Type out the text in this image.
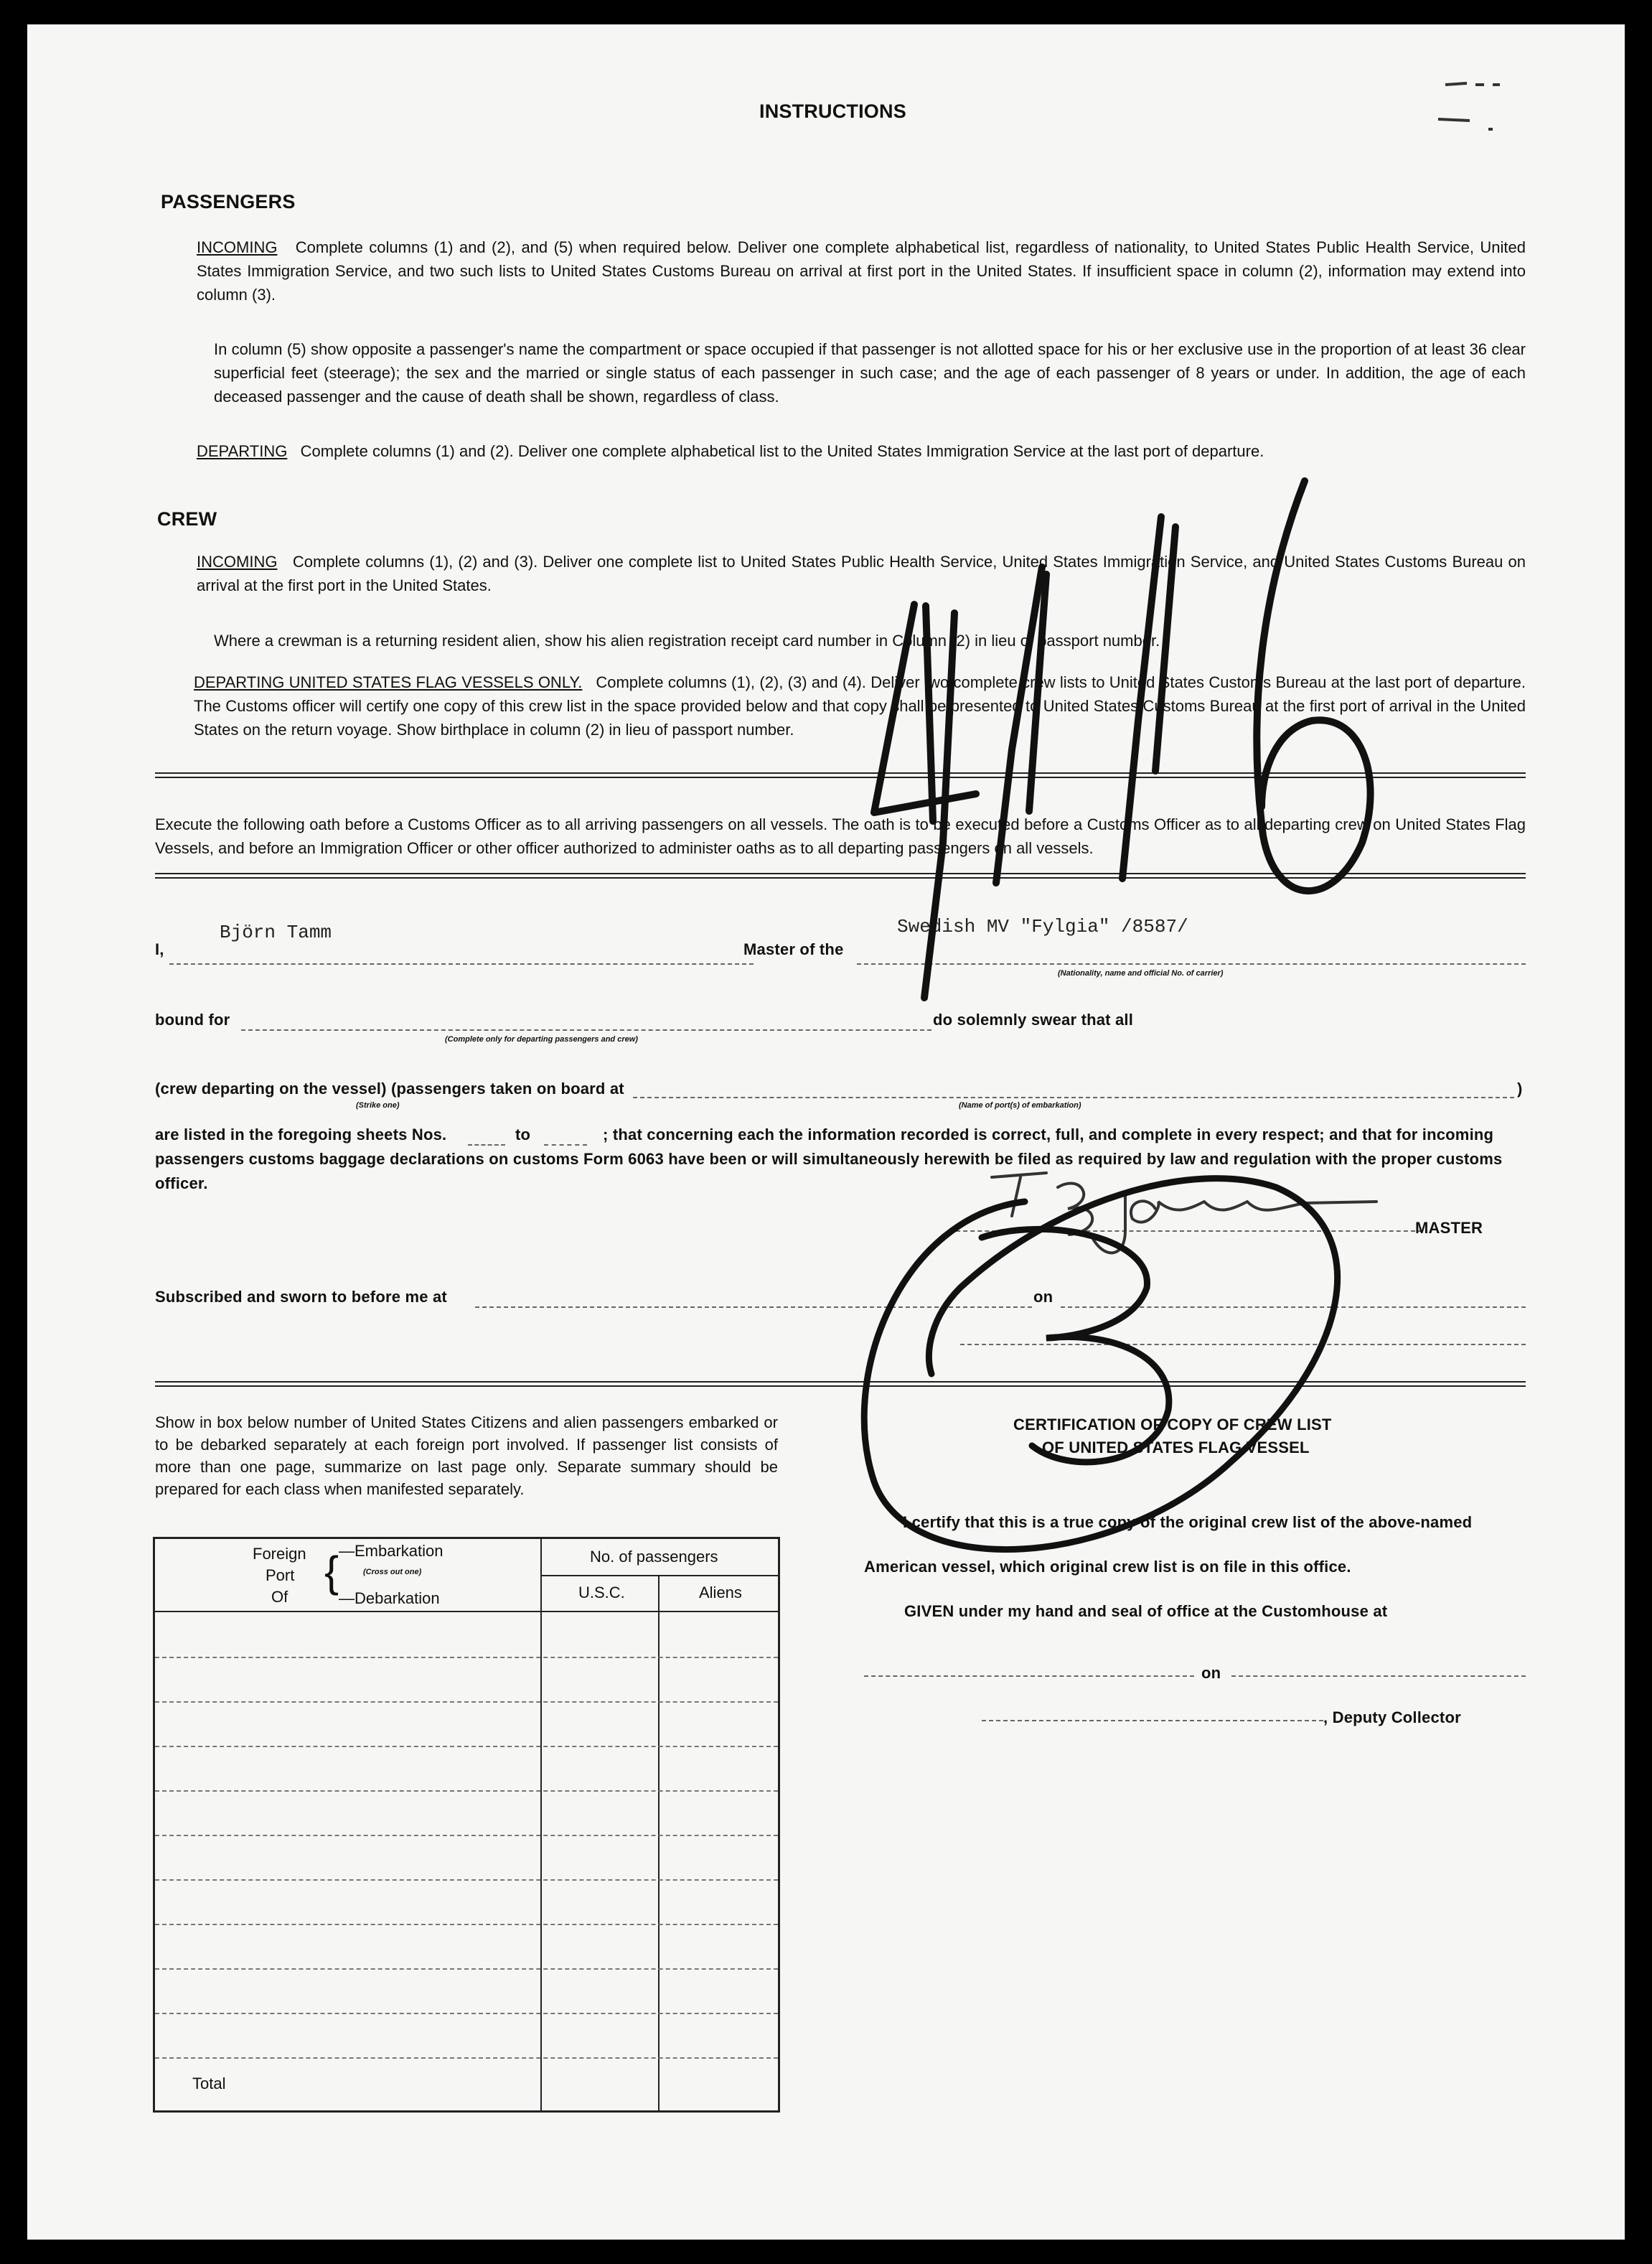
INSTRUCTIONS
PASSENGERS
INCOMING Complete columns (1) and (2), and (5) when required below. Deliver one complete alphabetical list, regardless of nationality, to United States Public Health Service, United States Immigration Service, and two such lists to United States Customs Bureau on arrival at first port in the United States. If insufficient space in column (2), information may extend into column (3).
In column (5) show opposite a passenger's name the compartment or space occupied if that passenger is not allotted space for his or her exclusive use in the proportion of at least 36 clear superficial feet (steerage); the sex and the married or single status of each passenger in such case; and the age of each passenger of 8 years or under. In addition, the age of each deceased passenger and the cause of death shall be shown, regardless of class.
DEPARTING Complete columns (1) and (2). Deliver one complete alphabetical list to the United States Immigration Service at the last port of departure.
CREW
INCOMING Complete columns (1), (2) and (3). Deliver one complete list to United States Public Health Service, United States Immigration Service, and United States Customs Bureau on arrival at the first port in the United States.
Where a crewman is a returning resident alien, show his alien registration receipt card number in Column (2) in lieu of passport number.
DEPARTING UNITED STATES FLAG VESSELS ONLY. Complete columns (1), (2), (3) and (4). Deliver two complete crew lists to United States Customs Bureau at the last port of departure. The Customs officer will certify one copy of this crew list in the space provided below and that copy shall be presented to United States Customs Bureau at the first port of arrival in the United States on the return voyage. Show birthplace in column (2) in lieu of passport number.
Execute the following oath before a Customs Officer as to all arriving passengers on all vessels. The oath is to be executed before a Customs Officer as to all departing crew on United States Flag Vessels, and before an Immigration Officer or other officer authorized to administer oaths as to all departing passengers on all vessels.
I,
Björn Tamm
Master of the
Swedish MV "Fylgia" /8587/
(Nationality, name and official No. of carrier)
bound for
(Complete only for departing passengers and crew)
do solemnly swear that all
(crew departing on the vessel) (passengers taken on board at	)
(Strike one)	(Name of port(s) of embarkation)
are listed in the foregoing sheets Nos.	to	; that concerning each the information recorded is correct, full, and complete in every respect; and that for incoming
passengers customs baggage declarations on customs Form 6063 have been or will simultaneously herewith be filed as required by law and regulation with the proper customs
officer.
MASTER
Subscribed and sworn to before me at	on
Show in box below number of United States Citizens and alien passengers embarked or to be debarked separately at each foreign port involved. If passenger list consists of more than one page, summarize on last page only. Separate summary should be prepared for each class when manifested separately.
Foreign
Port
Of
{ —Embarkation
(Cross out one)
—Debarkation
No. of passengers
U.S.C.	Aliens
Total
CERTIFICATION OF COPY OF CREW LIST
OF UNITED STATES FLAG VESSEL
I certify that this is a true copy of the original crew list of the above-named
American vessel, which original crew list is on file in this office.
GIVEN under my hand and seal of office at the Customhouse at
on
, Deputy Collector
